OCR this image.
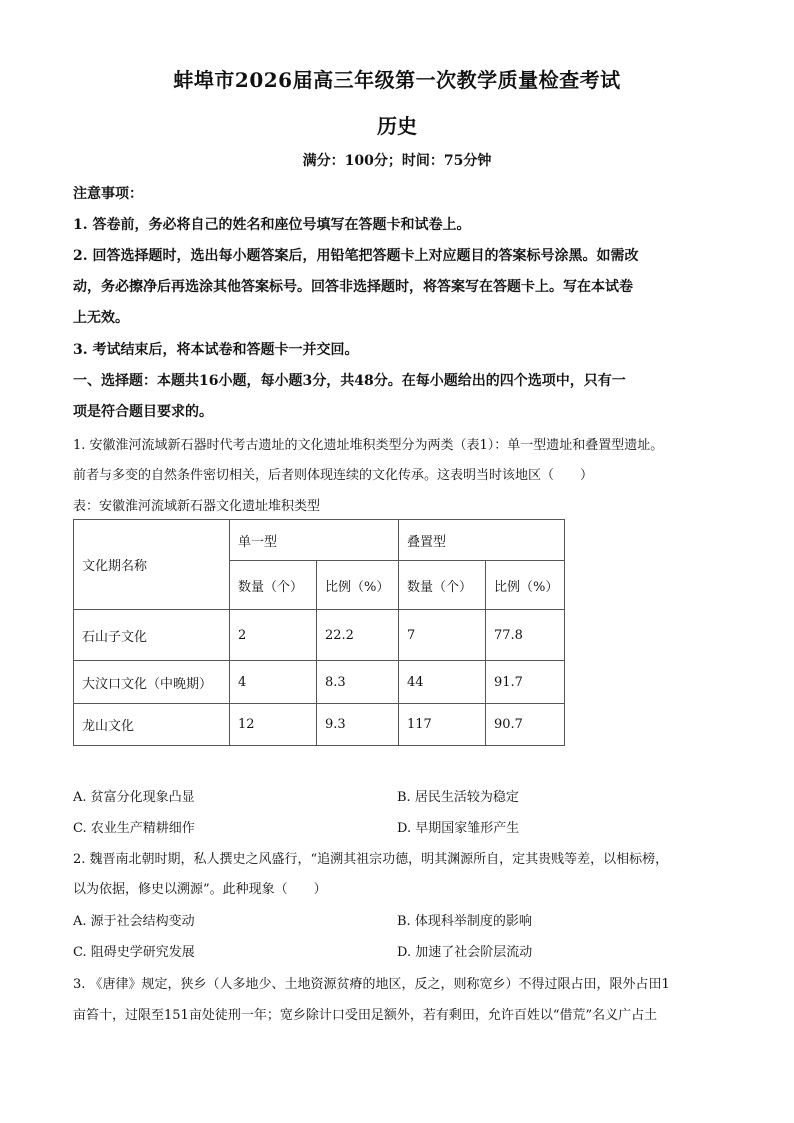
蚌埠市2026届高三年级第一次教学质量检查考试
历史
满分：100分；时间：75分钟
注意事项：
1. 答卷前，务必将自己的姓名和座位号填写在答题卡和试卷上。
2. 回答选择题时，选出每小题答案后，用铅笔把答题卡上对应题目的答案标号涂黑。如需改
动，务必擦净后再选涂其他答案标号。回答非选择题时，将答案写在答题卡上。写在本试卷
上无效。
3. 考试结束后，将本试卷和答题卡一并交回。
一、选择题：本题共16小题，每小题3分，共48分。在每小题给出的四个选项中，只有一
项是符合题目要求的。
1. 安徽淮河流域新石器时代考古遗址的文化遗址堆积类型分为两类（表1）：单一型遗址和叠置型遗址。
前者与多变的自然条件密切相关，后者则体现连续的文化传承。这表明当时该地区（　　）
表：安徽淮河流域新石器文化遗址堆积类型
文化期名称	单一型		叠置型	
	数量（个）	比例（%）	数量（个）	比例（%）
石山子文化	2	22.2	7	77.8
大汶口文化（中晚期）	4	8.3	44	91.7
龙山文化	12	9.3	117	90.7
A. 贫富分化现象凸显	B. 居民生活较为稳定
C. 农业生产精耕细作	D. 早期国家雏形产生
2. 魏晋南北朝时期，私人撰史之风盛行，“追溯其祖宗功德，明其渊源所自，定其贵贱等差，以相标榜，
以为依据，修史以溯源”。此种现象（　　）
A. 源于社会结构变动	B. 体现科举制度的影响
C. 阻碍史学研究发展	D. 加速了社会阶层流动
3. 《唐律》规定，狭乡（人多地少、土地资源贫瘠的地区，反之，则称宽乡）不得过限占田，限外占田1
亩笞十，过限至151亩处徒刑一年；宽乡除计口受田足额外，若有剩田，允许百姓以“借荒”名义广占土
